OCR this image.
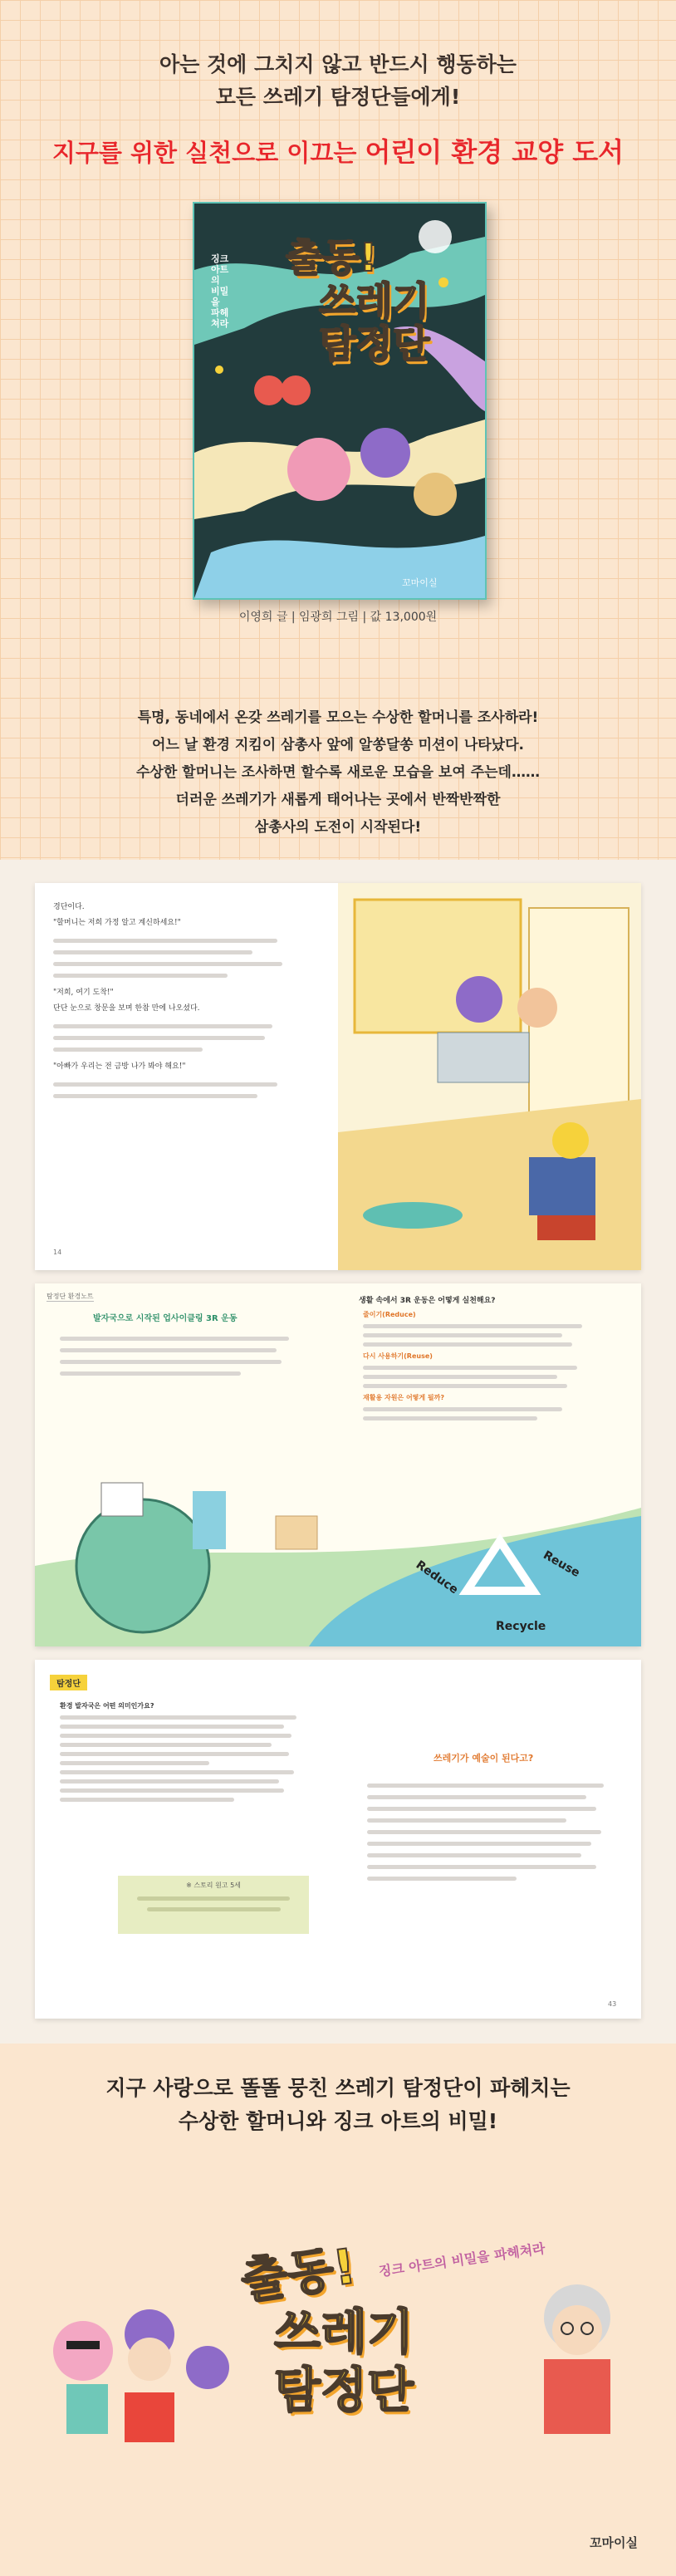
아는 것에 그치지 않고 반드시 행동하는
모든 쓰레기 탐정단들에게!
지구를 위한 실천으로 이끄는 어린이 환경 교양 도서
징크 아트의 비밀을 파헤쳐라
출동!
쓰레기
탐정단
꼬마이실
이영희 글 | 임광희 그림 | 값 13,000원
특명, 동네에서 온갖 쓰레기를 모으는 수상한 할머니를 조사하라!
어느 날 환경 지킴이 삼총사 앞에 알쏭달쏭 미션이 나타났다.
수상한 할머니는 조사하면 할수록 새로운 모습을 보여 주는데……
더러운 쓰레기가 새롭게 태어나는 곳에서 반짝반짝한
삼총사의 도전이 시작된다!
경단이다.
"할머니는 저희 가정 알고 계신하세요!"
"저희, 여기 도착!"
단단 눈으로 창문을 보며 한참 만에 나오셨다.
"아빠가 우리는 전 금방 나가 봐야 해요!"
14
탐정단 환경노트
발자국으로 시작된 업사이클링 3R 운동
생활 속에서 3R 운동은 어떻게 실천해요?
줄이기(Reduce)
다시 사용하기(Reuse)
재활용 자원은 어떻게 될까?
Reduce	Reuse
Recycle
탐정단
환경 발자국은 어떤 의미인가요?
※ 스토리 원고 5세
쓰레기가 예술이 된다고?
43
지구 사랑으로 똘똘 뭉친 쓰레기 탐정단이 파헤치는
수상한 할머니와 징크 아트의 비밀!
출동!
쓰레기
탐정단
징크 아트의 비밀을 파헤쳐라
꼬마이실
